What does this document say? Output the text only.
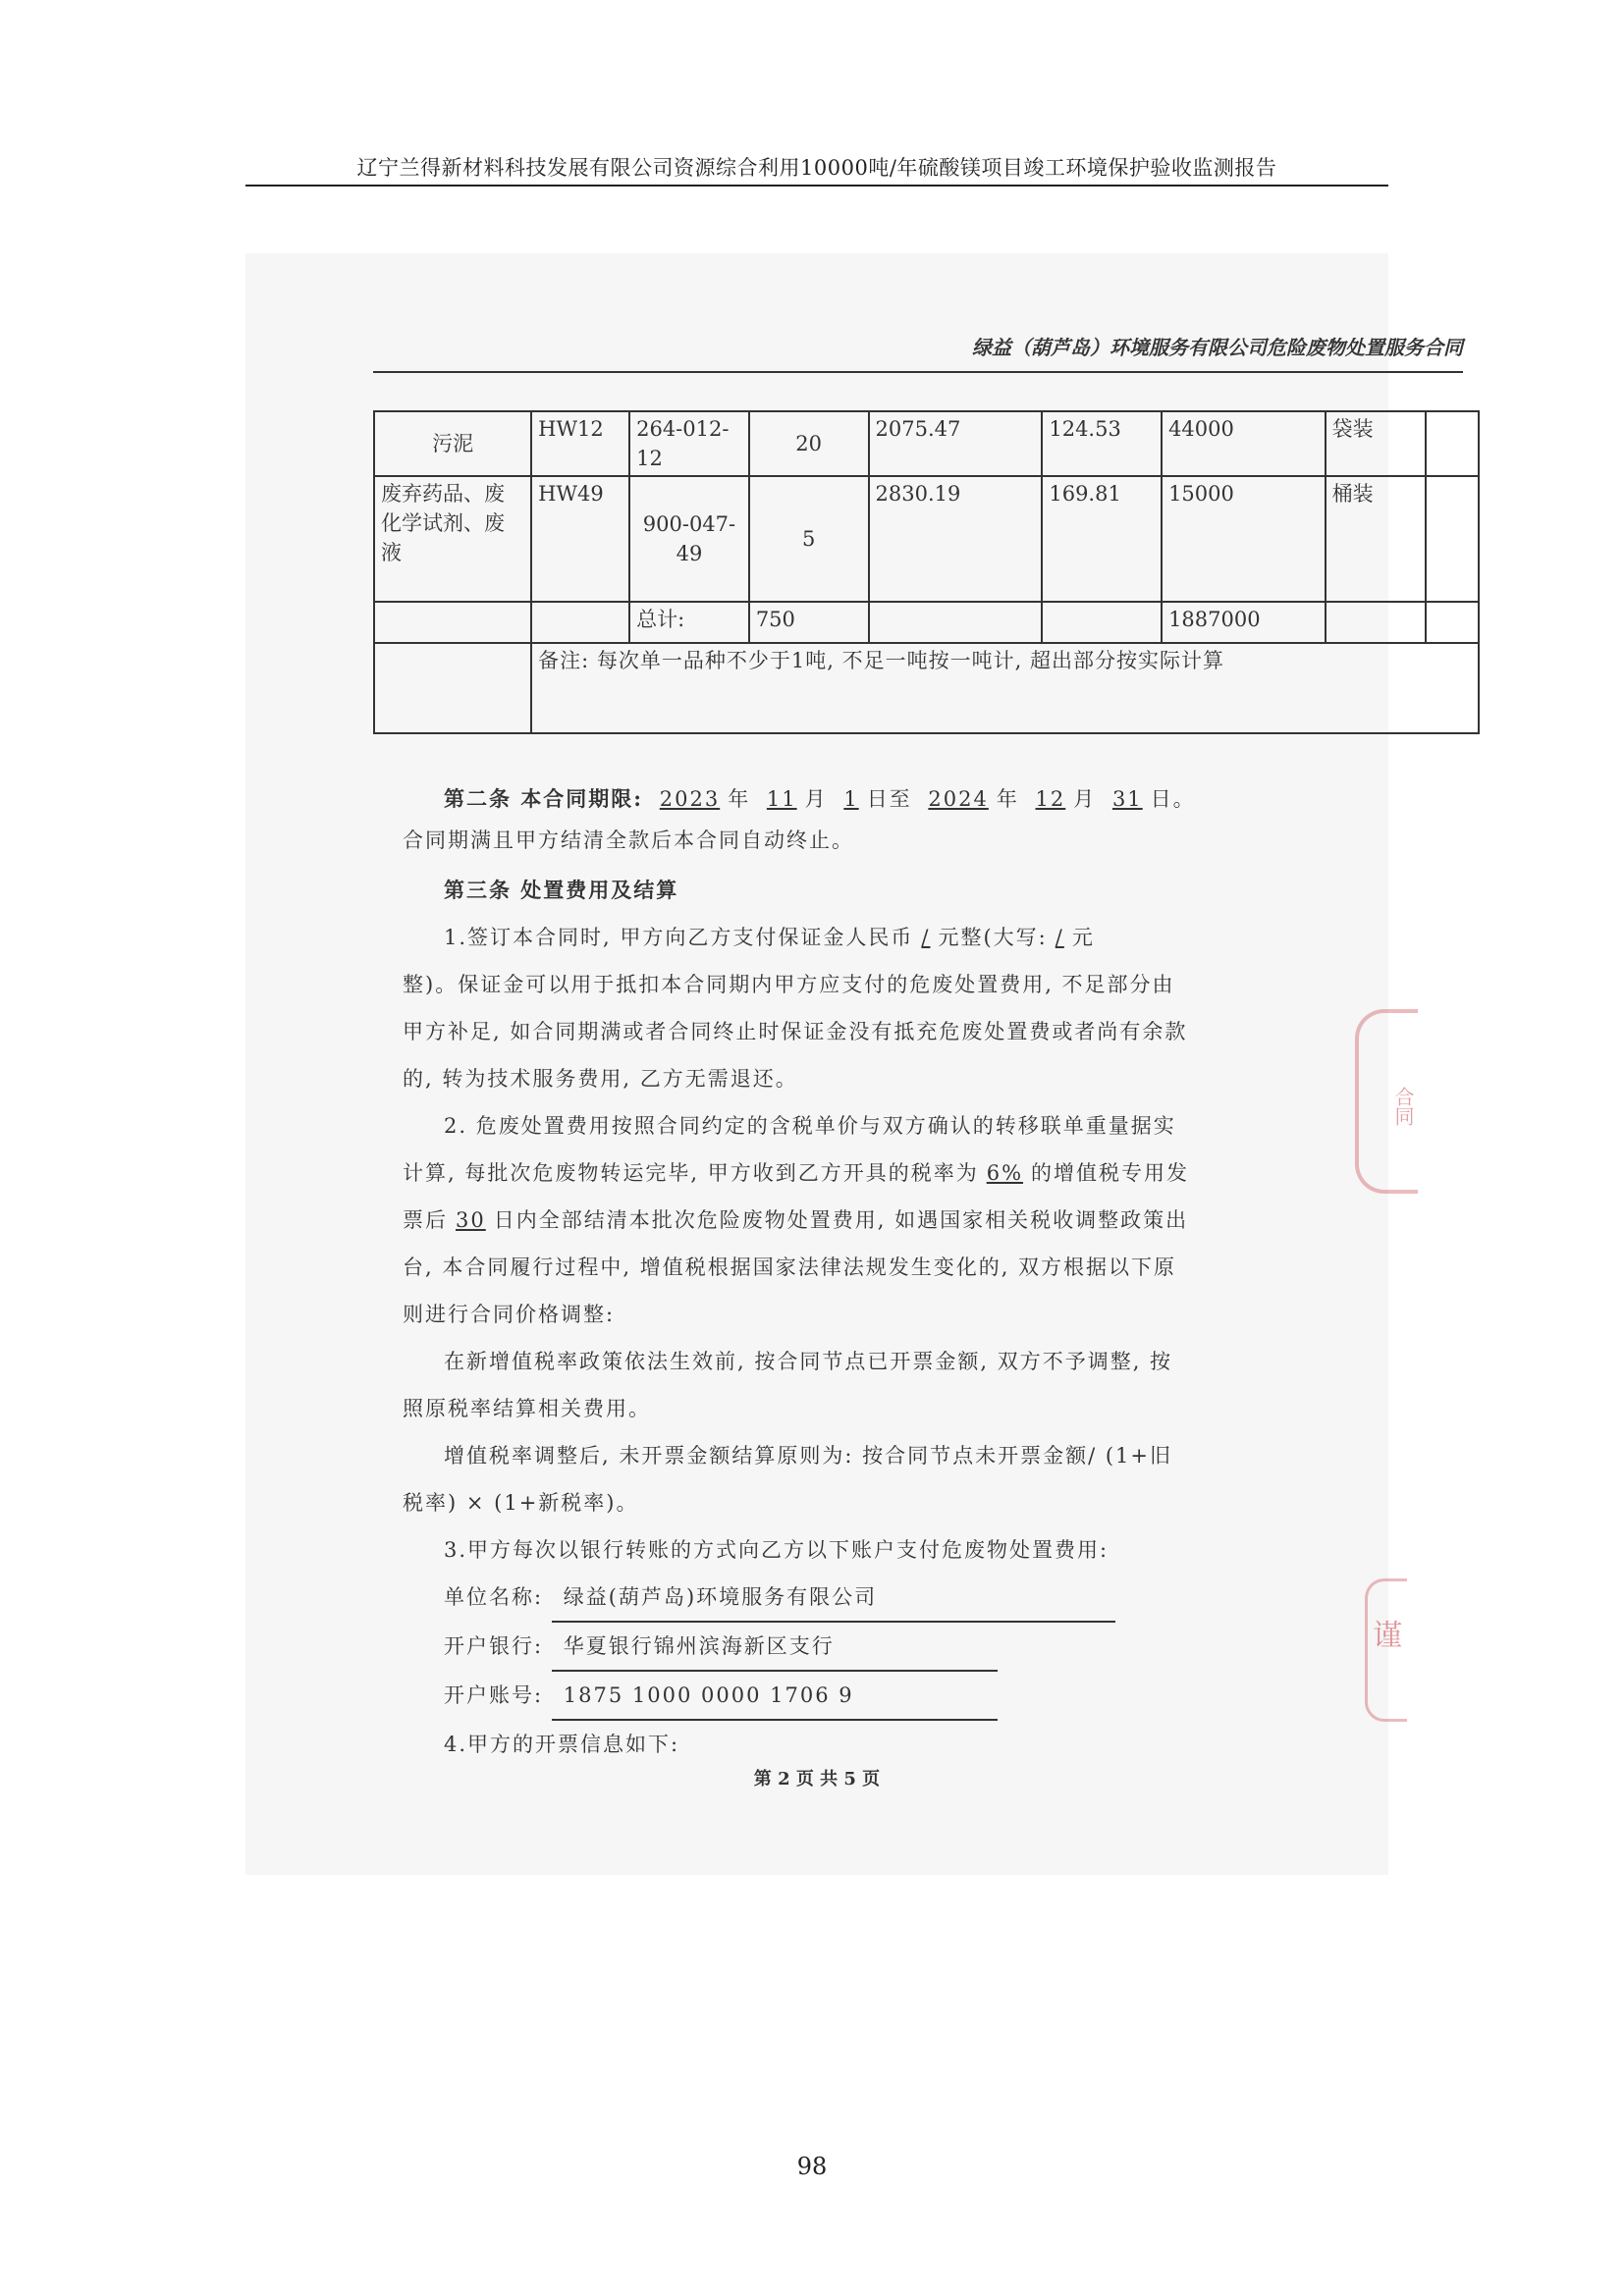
辽宁兰得新材料科技发展有限公司资源综合利用10000吨/年硫酸镁项目竣工环境保护验收监测报告
绿益（葫芦岛）环境服务有限公司危险废物处置服务合同
污泥	HW12	264-012-12	20	2075.47	124.53	44000	袋装	
废弃药品、废化学试剂、废液	HW49	900-047-49	5	2830.19	169.81	15000	桶装	
		总计:	750			1887000		
	备注: 每次单一品种不少于1吨, 不足一吨按一吨计, 超出部分按实际计算							
第二条 本合同期限: 2023 年 11 月 1 日至 2024 年 12 月 31 日。
合同期满且甲方结清全款后本合同自动终止。
第三条 处置费用及结算
1.签订本合同时, 甲方向乙方支付保证金人民币 / 元整(大写: / 元
整)。保证金可以用于抵扣本合同期内甲方应支付的危废处置费用, 不足部分由
甲方补足, 如合同期满或者合同终止时保证金没有抵充危废处置费或者尚有余款
的, 转为技术服务费用, 乙方无需退还。
2. 危废处置费用按照合同约定的含税单价与双方确认的转移联单重量据实
计算, 每批次危废物转运完毕, 甲方收到乙方开具的税率为 6% 的增值税专用发
票后 30 日内全部结清本批次危险废物处置费用, 如遇国家相关税收调整政策出
台, 本合同履行过程中, 增值税根据国家法律法规发生变化的, 双方根据以下原
则进行合同价格调整:
在新增值税率政策依法生效前, 按合同节点已开票金额, 双方不予调整, 按
照原税率结算相关费用。
增值税率调整后, 未开票金额结算原则为: 按合同节点未开票金额/ (1+旧
税率) × (1+新税率)。
3.甲方每次以银行转账的方式向乙方以下账户支付危废物处置费用:
单位名称: 绿益(葫芦岛)环境服务有限公司
开户银行: 华夏银行锦州滨海新区支行
开户账号: 1875 1000 0000 1706 9
4.甲方的开票信息如下:
合同
谨
第 2 页 共 5 页
98
